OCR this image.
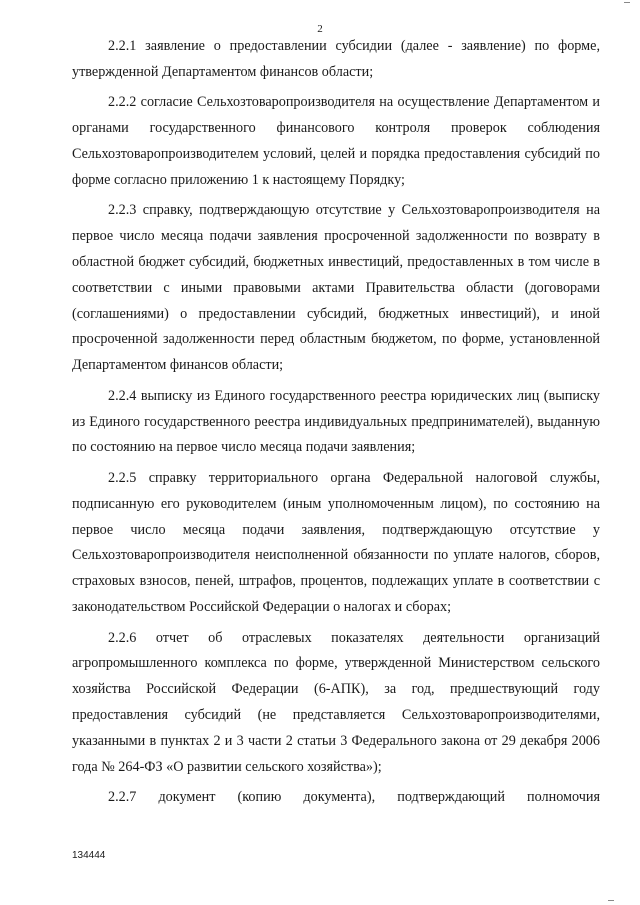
2

2.2.1 заявление о предоставлении субсидии (далее - заявление) по форме, утвержденной Департаментом финансов области;

2.2.2 согласие Сельхозтоваропроизводителя на осуществление Департаментом и органами государственного финансового контроля проверок соблюдения Сельхозтоваропроизводителем условий, целей и порядка предоставления субсидий по форме согласно приложению 1 к настоящему Порядку;

2.2.3 справку, подтверждающую отсутствие у Сельхозтоваропроизводителя на первое число месяца подачи заявления просроченной задолженности по возврату в областной бюджет субсидий, бюджетных инвестиций, предоставленных в том числе в соответствии с иными правовыми актами Правительства области (договорами (соглашениями) о предоставлении субсидий, бюджетных инвестиций), и иной просроченной задолженности перед областным бюджетом, по форме, установленной Департаментом финансов области;

2.2.4 выписку из Единого государственного реестра юридических лиц (выписку из Единого государственного реестра индивидуальных предпринимателей), выданную по состоянию на первое число месяца подачи заявления;

2.2.5 справку территориального органа Федеральной налоговой службы, подписанную его руководителем (иным уполномоченным лицом), по состоянию на первое число месяца подачи заявления, подтверждающую отсутствие у Сельхозтоваропроизводителя неисполненной обязанности по уплате налогов, сборов, страховых взносов, пеней, штрафов, процентов, подлежащих уплате в соответствии с законодательством Российской Федерации о налогах и сборах;

2.2.6 отчет об отраслевых показателях деятельности организаций агропромышленного комплекса по форме, утвержденной Министерством сельского хозяйства Российской Федерации (6-АПК), за год, предшествующий году предоставления субсидий (не представляется Сельхозтоваропроизводителями, указанными в пунктах 2 и 3 части 2 статьи 3 Федерального закона от 29 декабря 2006 года № 264-ФЗ «О развитии сельского хозяйства»);

2.2.7 документ (копию документа), подтверждающий полномочия

134444
